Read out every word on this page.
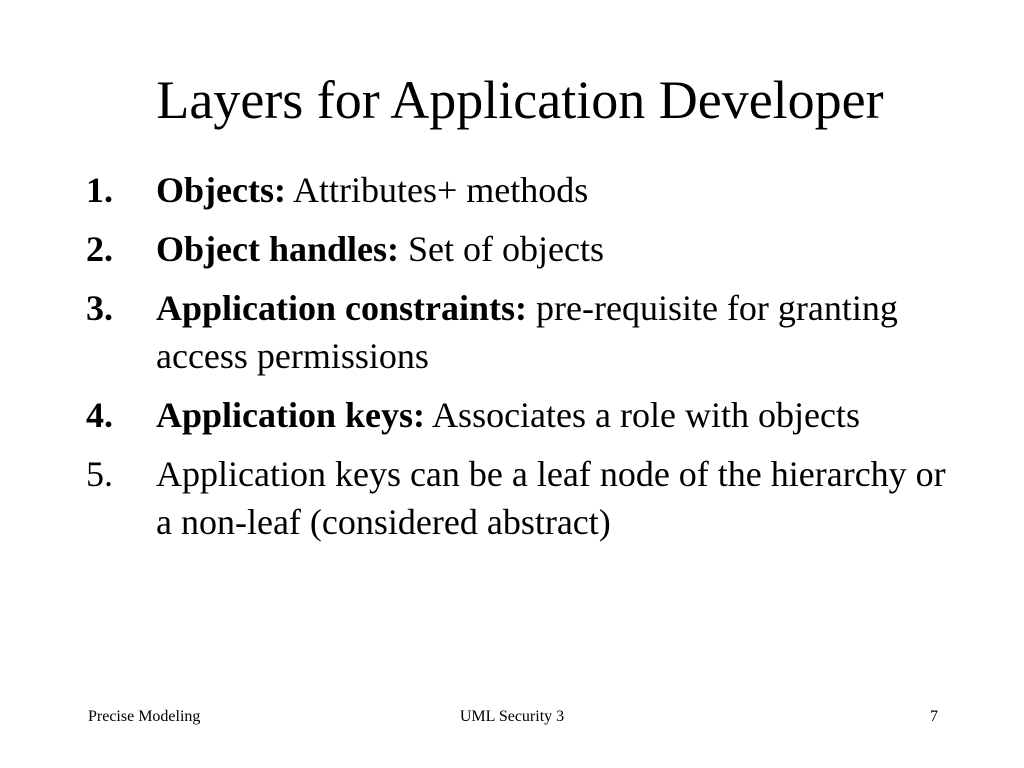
Layers for Application Developer
1. Objects: Attributes+ methods
2. Object handles: Set of objects
3. Application constraints: pre-requisite for granting access permissions
4. Application keys: Associates a role with objects
5. Application keys can be a leaf node of the hierarchy or a non-leaf (considered abstract)
Precise Modeling	UML Security 3	7
